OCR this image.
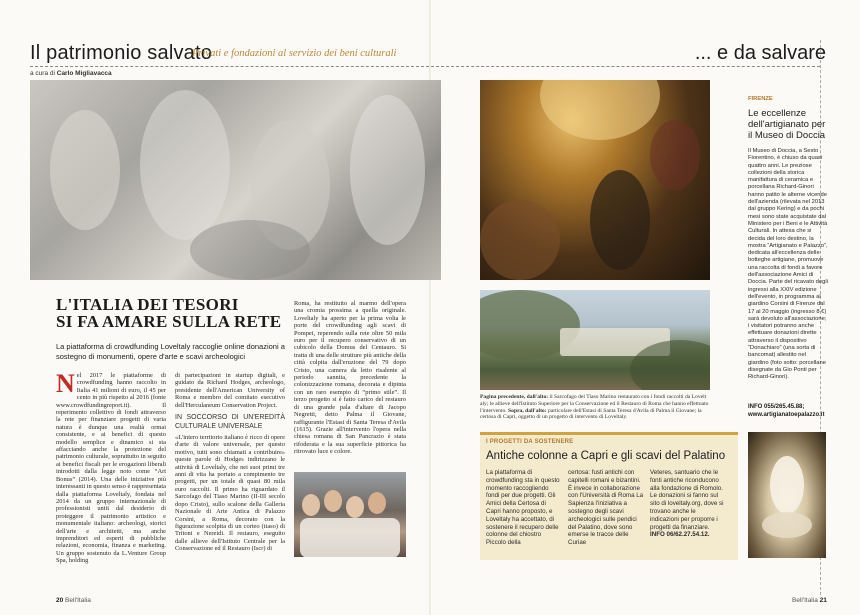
Il patrimonio salvato
Privati e fondazioni al servizio dei beni culturali	... e da salvare
a cura di Carlo Migliavacca
L'ITALIA DEI TESORI
SI FA AMARE SULLA RETE
La piattaforma di crowdfunding Loveltaly raccoglie online donazioni a sostegno di monumenti, opere d'arte e scavi archeologici
N el 2017 le piattaforme di crowdfunding hanno raccolto in Italia 41 milioni di euro, il 45 per cento in più rispetto al 2016 (fonte www.crowdfundingreport.it). Il reperimento collettivo di fondi attraverso la rete per finanziare progetti di varia natura è dunque una realtà ormai consistente, e ai benefici di questo modello semplice e dinamico si sta affacciando anche la protezione del patrimonio culturale, soprattutto in seguito ai benefici fiscali per le erogazioni liberali introdotti dalla legge noto come “Art Bonus” (2014). Una delle iniziative più interessanti in questo senso è rappresentata dalla piattaforma Lovelt​aly, fondata nel 2014 da un gruppo internazionale di professionisti uniti dal desiderio di proteggere il patrimonio artistico e monumentale italiano: archeologi, storici dell'arte e architetti, ma anche imprenditori ed esperti di pubbliche relazioni, economia, finanza e marketing. Un gruppo sostenuto da L.Venture Group Spa, holding

di partecipazioni in startup digitali, e guidato da Richard Hodges, archeologo, presidente dell'American University of Roma e membro del comitato esecutivo dell'Herculaneum Conservation Project.

IN SOCCORSO DI UN'EREDITÀ CULTURALE UNIVERSALE

«L'intero territorio italiano è ricco di opere d'arte di valore universale, per questo motivo, tutti sono chiamati a contribuire» queste parole di Hodges indirizzano le attività di Lovelt​aly, che nei suoi primi tre anni di vita ha portato a compimento tre progetti, per un totale di quasi 80 mila euro raccolti. Il primo ha riguardato il Sarcofago del Tiaso Marino (II-III secolo dopo Cristo), sullo scalone della Galleria Nazionale di Arte Antica di Palazzo Corsini, a Roma, decorato con la figurazione scolpita di un corteo (tiaso) di Tritoni e Nereidi. Il restauro, eseguito dalle allieve dell'Istituto Centrale per la Conservazione ed il Restauro (Iscr) di

Roma, ha restituito al marmo dell'opera una cromia prossima a quella originale. Lovelt​aly ha aperto per la prima volta le porte del crowdfunding agli scavi di Pompei, reperendo sulla rete oltre 50 mila euro per il recupero conservativo di un cubicolo della Domus del Centauro. Si tratta di una delle strutture più antiche della città colpita dall'eruzione del 79 dopo Cristo, una camera da letto risalente al periodo sannita, precedente la colonizzazione romana, decorata e dipinta con un raro esempio di “primo stile”. Il terzo progetto si è fatto carico del restauro di una grande pala d'altare di Jacopo Negretti, detto Palma il Giovane, raffigurante l'Estasi di Santa Teresa d'Avila (1615). Grazie all'intervento l'opera nella chiesa romana di San Pancrazio è stata rifoderata e la sua superficie pittorica ha ritrovato luce e colore.

Pagina precedente, dall'alto: il Sarcofago del Tiaso Marino restaurato con i fondi raccolti da Lovelt​aly; le allieve dell'Istituto Superiore per la Conservazione ed il Restauro di Roma che hanno effettuato l'intervento. Sopra, dall'alto: particolare dell'Estasi di Santa Teresa d'Avila di Palma il Giovane; la certosa di Capri, oggetto di un progetto di intervento di Lovelt​aly.
I PROGETTI DA SOSTENERE
Antiche colonne a Capri e gli scavi del Palatino
La piattaforma di crowdfunding sta in questo momento raccogliendo fondi per due progetti. Gli Amici della Certosa di Capri hanno proposto, e Lovelt​aly ha accettato, di sostenere il recupero delle colonne del chiostro Piccolo della
certosa: fusti antichi con capitelli romani e bizantini. È invece in collaborazione con l'Università di Roma La Sapienza l'iniziativa a sostegno degli scavi archeologici sulle pendici del Palatino, dove sono emerse le tracce delle Curiae
Veteres, santuario che le fonti antiche riconducono alla fondazione di Romolo. Le donazioni si fanno sul sito di lovelt​aly.org, dove si trovano anche le indicazioni per proporre i progetti da finanziare. INFO 06/62.27.54.12.
FIRENZE
Le eccellenze dell'artigianato per il Museo di Doccia
Il Museo di Doccia, a Sesto Fiorentino, è chiuso da quasi quattro anni. Le preziose collezioni della storica manifattura di ceramica e porcellana Richard-Ginori hanno patito le alterne vicende dell'azienda (rilevata nel 2013 dal gruppo Kering) e da pochi mesi sono state acquistate dal Ministero per i Beni e le Attività Culturali. In attesa che si decida del loro destino, la mostra “Artigianato e Palazzo”, dedicata all'eccellenza delle botteghe artigiane, promuove una raccolta di fondi a favore dell'associazione Amici di Doccia. Parte del ricavato degli ingressi alla XXIV edizione dell'evento, in programma al giardino Corsini di Firenze dal 17 al 20 maggio (ingresso 8 €) sarà devoluto all'associazione; i visitatori potranno anche effettuare donazioni dirette attraverso il dispositivo “Donachiaro” (una sorta di bancomat) allestito nel giardino (foto sotto: porcellane disegnate da Gio Ponti per Richard-Ginori).
INFO 055/265.45.88; www.artigianatoepalazzo.it
20 Bell'Italia	Bell'Italia 21
